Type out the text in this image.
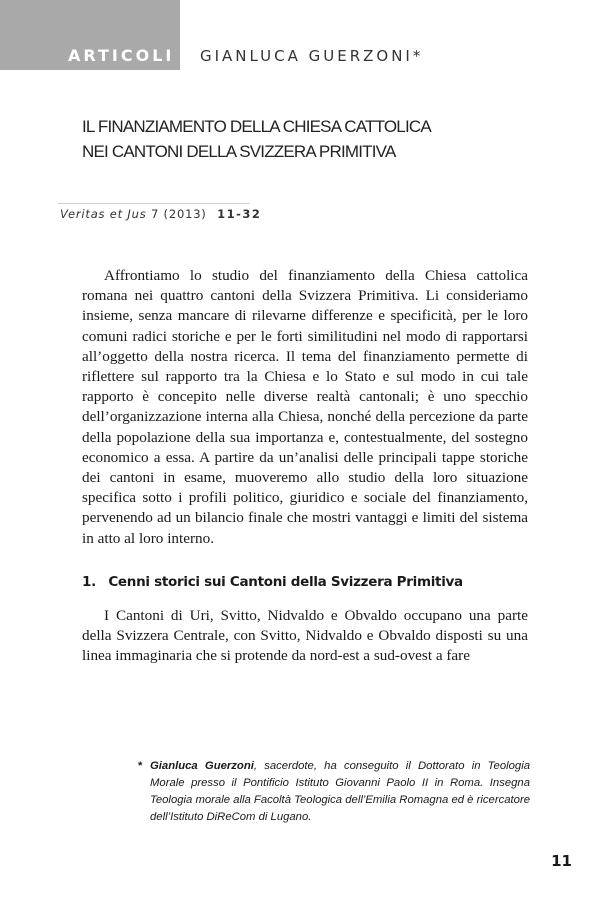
ARTICOLI GIANLUCA GUERZONI*
IL FINANZIAMENTO DELLA CHIESA CATTOLICA
NEI CANTONI DELLA SVIZZERA PRIMITIVA
Veritas et Jus 7 (2013) 11-32

Affrontiamo lo studio del finanziamento della Chiesa cattolica romana nei quattro cantoni della Svizzera Primitiva. Li consideriamo insieme, senza mancare di rilevarne differenze e specificità, per le loro comuni radici storiche e per le forti similitudini nel modo di rapportarsi all’oggetto della nostra ricerca. Il tema del finanziamento permette di riflettere sul rapporto tra la Chiesa e lo Stato e sul modo in cui tale rapporto è concepito nelle diverse realtà cantonali; è uno specchio dell’organizzazione interna alla Chiesa, nonché della percezione da parte della popolazione della sua importanza e, contestualmente, del sostegno economico a essa. A partire da un’analisi delle principali tappe storiche dei cantoni in esame, muoveremo allo studio della loro situazione specifica sotto i profili politico, giuridico e sociale del finanziamento, pervenendo ad un bilancio finale che mostri vantaggi e limiti del sistema in atto al loro interno.

1. Cenni storici sui Cantoni della Svizzera Primitiva

I Cantoni di Uri, Svitto, Nidvaldo e Obvaldo occupano una parte della Svizzera Centrale, con Svitto, Nidvaldo e Obvaldo disposti su una linea immaginaria che si protende da nord-est a sud-ovest a fare

* Gianluca Guerzoni, sacerdote, ha conseguito il Dottorato in Teologia Morale presso il Pontificio Istituto Giovanni Paolo II in Roma. Insegna Teologia morale alla Facoltà Teologica dell’Emilia Romagna ed è ricercatore dell’Istituto DiReCom di Lugano.
11
